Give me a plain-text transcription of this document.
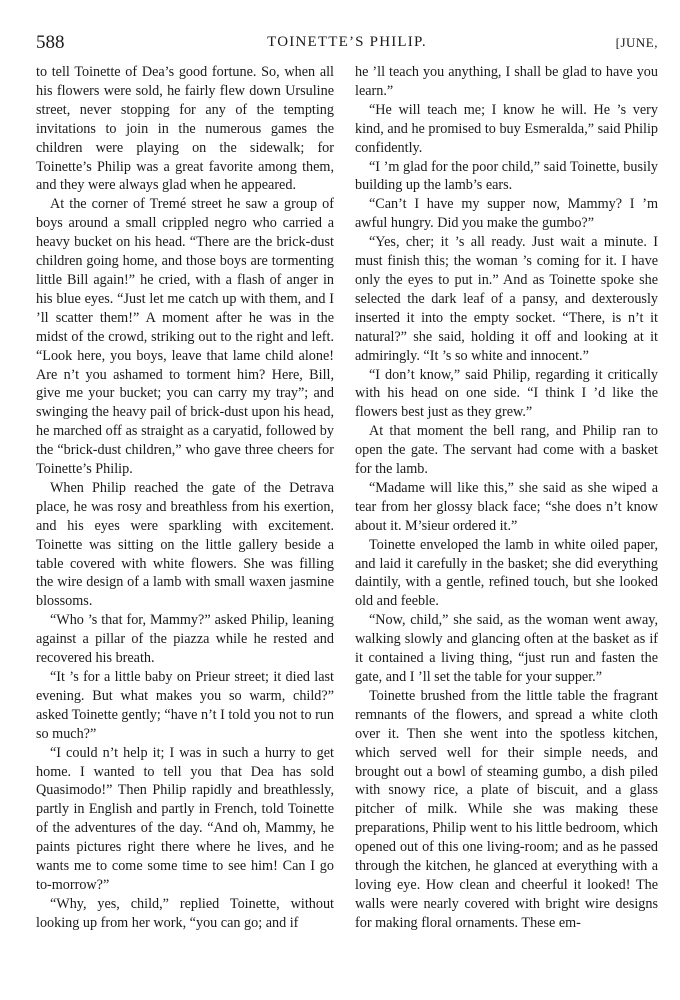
588	TOINETTE’S PHILIP.	[JUNE,

to tell Toinette of Dea’s good fortune. So, when all his flowers were sold, he fairly flew down Ursuline street, never stopping for any of the tempting invitations to join in the numerous games the children were playing on the sidewalk; for Toinette’s Philip was a great favorite among them, and they were always glad when he appeared.

At the corner of Tremé street he saw a group of boys around a small crippled negro who carried a heavy bucket on his head. “There are the brick-dust children going home, and those boys are tormenting little Bill again!” he cried, with a flash of anger in his blue eyes. “Just let me catch up with them, and I ’ll scatter them!” A moment after he was in the midst of the crowd, striking out to the right and left. “Look here, you boys, leave that lame child alone! Are n’t you ashamed to torment him? Here, Bill, give me your bucket; you can carry my tray”; and swinging the heavy pail of brick-dust upon his head, he marched off as straight as a caryatid, followed by the “brick-dust children,” who gave three cheers for Toinette’s Philip.

When Philip reached the gate of the Detrava place, he was rosy and breathless from his exertion, and his eyes were sparkling with excitement. Toinette was sitting on the little gallery beside a table covered with white flowers. She was filling the wire design of a lamb with small waxen jasmine blossoms.

“Who ’s that for, Mammy?” asked Philip, leaning against a pillar of the piazza while he rested and recovered his breath.

“It ’s for a little baby on Prieur street; it died last evening. But what makes you so warm, child?” asked Toinette gently; “have n’t I told you not to run so much?”

“I could n’t help it; I was in such a hurry to get home. I wanted to tell you that Dea has sold Quasimodo!” Then Philip rapidly and breathlessly, partly in English and partly in French, told Toinette of the adventures of the day. “And oh, Mammy, he paints pictures right there where he lives, and he wants me to come some time to see him! Can I go to-morrow?”

“Why, yes, child,” replied Toinette, without looking up from her work, “you can go; and if

he ’ll teach you anything, I shall be glad to have you learn.”

“He will teach me; I know he will. He ’s very kind, and he promised to buy Esmeralda,” said Philip confidently.

“I ’m glad for the poor child,” said Toinette, busily building up the lamb’s ears.

“Can’t I have my supper now, Mammy? I ’m awful hungry. Did you make the gumbo?”

“Yes, cher; it ’s all ready. Just wait a minute. I must finish this; the woman ’s coming for it. I have only the eyes to put in.” And as Toinette spoke she selected the dark leaf of a pansy, and dexterously inserted it into the empty socket. “There, is n’t it natural?” she said, holding it off and looking at it admiringly. “It ’s so white and innocent.”

“I don’t know,” said Philip, regarding it critically with his head on one side. “I think I ’d like the flowers best just as they grew.”

At that moment the bell rang, and Philip ran to open the gate. The servant had come with a basket for the lamb.

“Madame will like this,” she said as she wiped a tear from her glossy black face; “she does n’t know about it. M’sieur ordered it.”

Toinette enveloped the lamb in white oiled paper, and laid it carefully in the basket; she did everything daintily, with a gentle, refined touch, but she looked old and feeble.

“Now, child,” she said, as the woman went away, walking slowly and glancing often at the basket as if it contained a living thing, “just run and fasten the gate, and I ’ll set the table for your supper.”

Toinette brushed from the little table the fragrant remnants of the flowers, and spread a white cloth over it. Then she went into the spotless kitchen, which served well for their simple needs, and brought out a bowl of steaming gumbo, a dish piled with snowy rice, a plate of biscuit, and a glass pitcher of milk. While she was making these preparations, Philip went to his little bedroom, which opened out of this one living-room; and as he passed through the kitchen, he glanced at everything with a loving eye. How clean and cheerful it looked! The walls were nearly covered with bright wire designs for making floral ornaments. These em-
